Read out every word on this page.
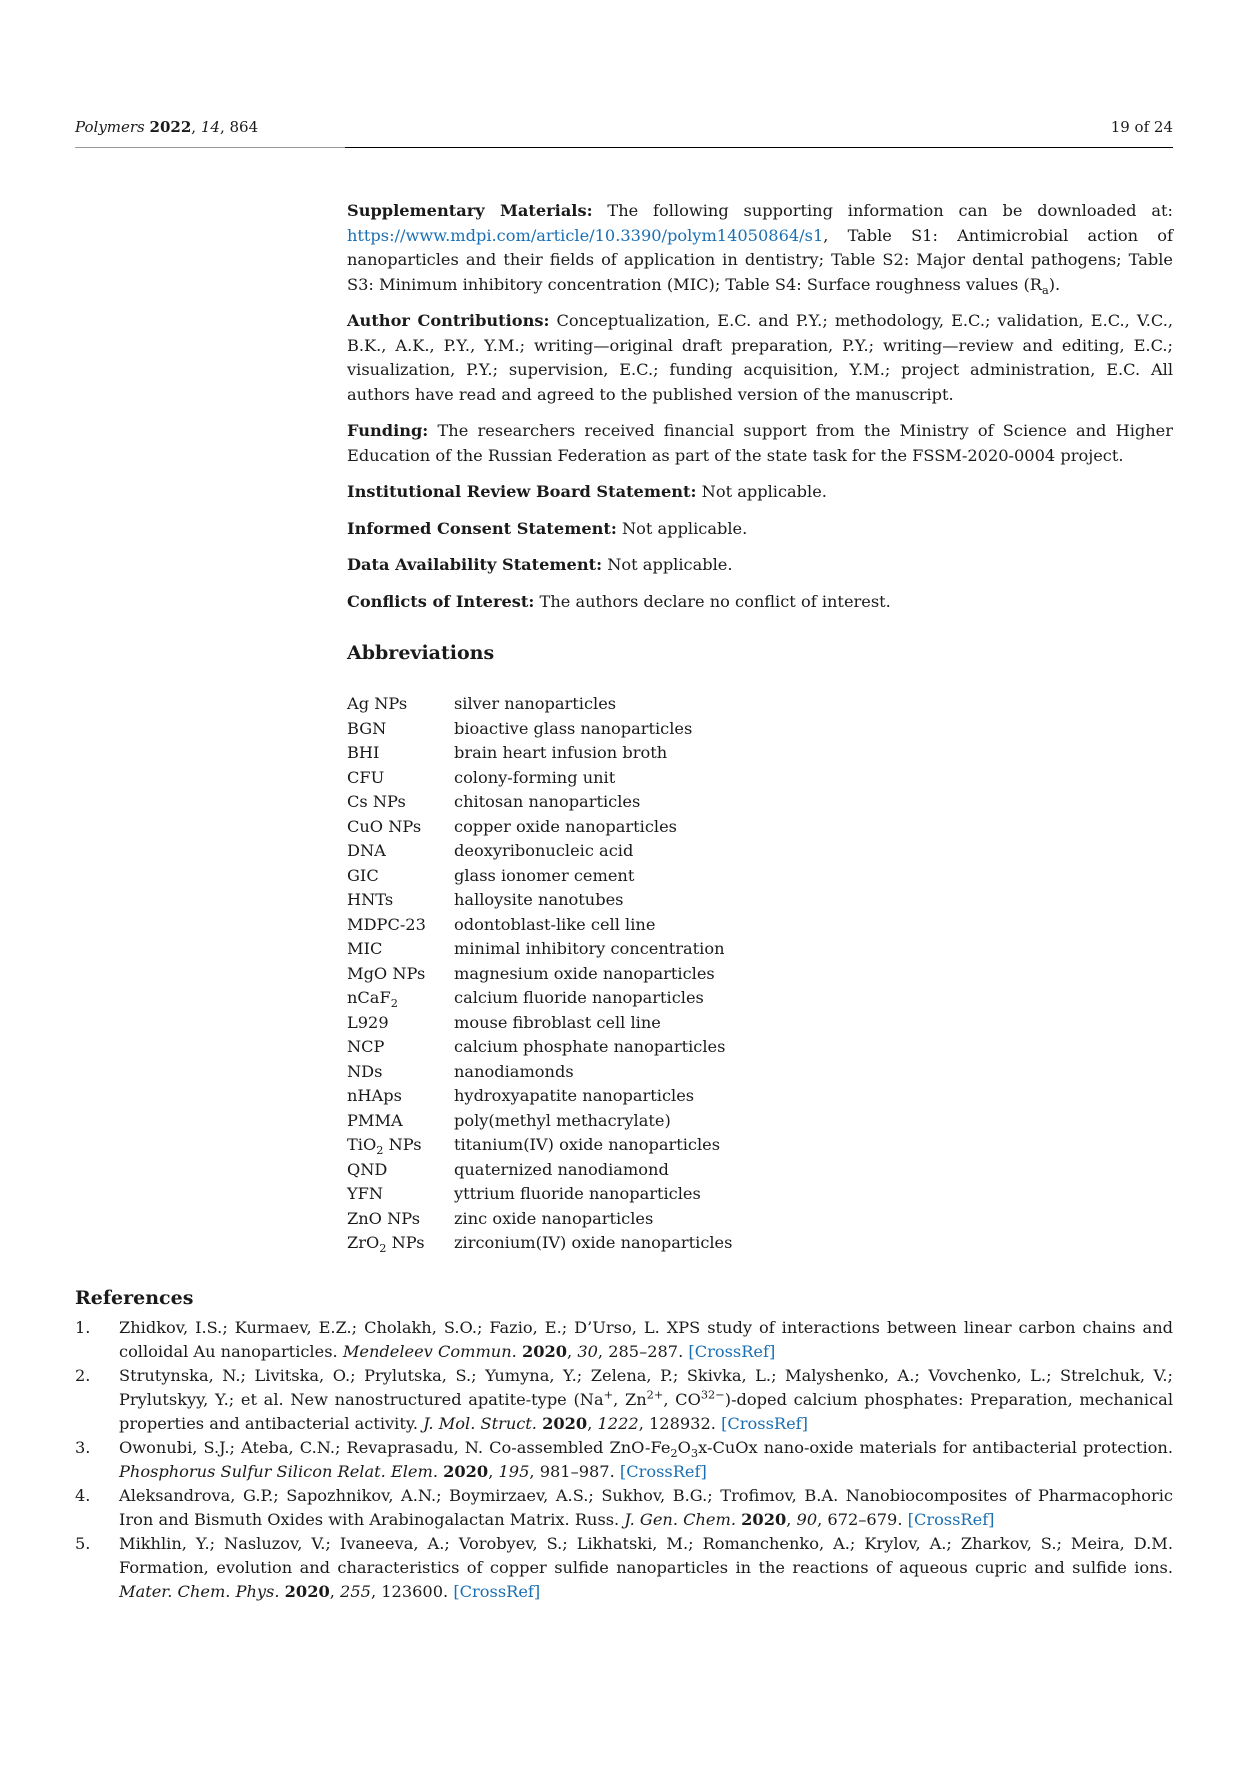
Polymers 2022, 14, 864	19 of 24

Supplementary Materials: The following supporting information can be downloaded at: https://www.mdpi.com/article/10.3390/polym14050864/s1, Table S1: Antimicrobial action of nanoparticles and their fields of application in dentistry; Table S2: Major dental pathogens; Table S3: Minimum inhibitory concentration (MIC); Table S4: Surface roughness values $(R_a)$.

Author Contributions: Conceptualization, E.C. and P.Y.; methodology, E.C.; validation, E.C., V.C., B.K., A.K., P.Y., Y.M.; writing—original draft preparation, P.Y.; writing—review and editing, E.C.; visualization, P.Y.; supervision, E.C.; funding acquisition, Y.M.; project administration, E.C. All authors have read and agreed to the published version of the manuscript.

Funding: The researchers received financial support from the Ministry of Science and Higher Education of the Russian Federation as part of the state task for the FSSM-2020-0004 project.

Institutional Review Board Statement: Not applicable.

Informed Consent Statement: Not applicable.

Data Availability Statement: Not applicable.

Conflicts of Interest: The authors declare no conflict of interest.

Abbreviations
Ag NPs	silver nanoparticles
BGN	bioactive glass nanoparticles
BHI	brain heart infusion broth
CFU	colony-forming unit
Cs NPs	chitosan nanoparticles
CuO NPs	copper oxide nanoparticles
DNA	deoxyribonucleic acid
GIC	glass ionomer cement
HNTs	halloysite nanotubes
MDPC-23	odontoblast-like cell line
MIC	minimal inhibitory concentration
MgO NPs	magnesium oxide nanoparticles
nCaF$_2$	calcium fluoride nanoparticles
L929	mouse fibroblast cell line
NCP	calcium phosphate nanoparticles
NDs	nanodiamonds
nHAps	hydroxyapatite nanoparticles
PMMA	poly(methyl methacrylate)
TiO$_2$ NPs	titanium(IV) oxide nanoparticles
QND	quaternized nanodiamond
YFN	yttrium fluoride nanoparticles
ZnO NPs	zinc oxide nanoparticles
ZrO$_2$ NPs	zirconium(IV) oxide nanoparticles
References
1. Zhidkov, I.S.; Kurmaev, E.Z.; Cholakh, S.O.; Fazio, E.; D’Urso, L. XPS study of interactions between linear carbon chains and colloidal Au nanoparticles. Mendeleev Commun. 2020, 30, 285–287. [CrossRef]
2. Strutynska, N.; Livitska, O.; Prylutska, S.; Yumyna, Y.; Zelena, P.; Skivka, L.; Malyshenko, A.; Vovchenko, L.; Strelchuk, V.; Prylutskyy, Y.; et al. New nanostructured apatite-type (Na+, $Zn^{2+}$, $CO^{32-}$)-doped calcium phosphates: Preparation, mechanical properties and antibacterial activity. J. Mol. Struct. 2020, 1222, 128932. [CrossRef]
3. Owonubi, S.J.; Ateba, C.N.; Revaprasadu, N. Co-assembled ZnO-$Fe_2O_3x$-CuOx nano-oxide materials for antibacterial protection. Phosphorus Sulfur Silicon Relat. Elem. 2020, 195, 981–987. [CrossRef]
4. Aleksandrova, G.P.; Sapozhnikov, A.N.; Boymirzaev, A.S.; Sukhov, B.G.; Trofimov, B.A. Nanobiocomposites of Pharmacophoric Iron and Bismuth Oxides with Arabinogalactan Matrix. Russ. J. Gen. Chem. 2020, 90, 672–679. [CrossRef]
5. Mikhlin, Y.; Nasluzov, V.; Ivaneeva, A.; Vorobyev, S.; Likhatski, M.; Romanchenko, A.; Krylov, A.; Zharkov, S.; Meira, D.M. Formation, evolution and characteristics of copper sulfide nanoparticles in the reactions of aqueous cupric and sulfide ions. Mater. Chem. Phys. 2020, 255, 123600. [CrossRef]
